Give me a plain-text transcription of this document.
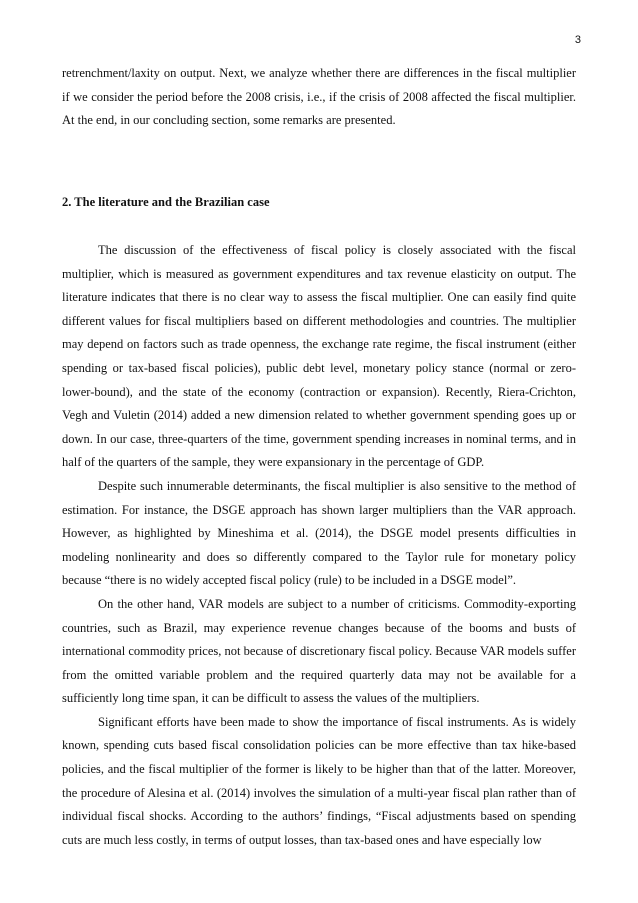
3

retrenchment/laxity on output. Next, we analyze whether there are differences in the fiscal multiplier if we consider the period before the 2008 crisis, i.e., if the crisis of 2008 affected the fiscal multiplier. At the end, in our concluding section, some remarks are presented.

2. The literature and the Brazilian case

The discussion of the effectiveness of fiscal policy is closely associated with the fiscal multiplier, which is measured as government expenditures and tax revenue elasticity on output. The literature indicates that there is no clear way to assess the fiscal multiplier. One can easily find quite different values for fiscal multipliers based on different methodologies and countries. The multiplier may depend on factors such as trade openness, the exchange rate regime, the fiscal instrument (either spending or tax-based fiscal policies), public debt level, monetary policy stance (normal or zero-lower-bound), and the state of the economy (contraction or expansion). Recently, Riera-Crichton, Vegh and Vuletin (2014) added a new dimension related to whether government spending goes up or down. In our case, three-quarters of the time, government spending increases in nominal terms, and in half of the quarters of the sample, they were expansionary in the percentage of GDP.

Despite such innumerable determinants, the fiscal multiplier is also sensitive to the method of estimation. For instance, the DSGE approach has shown larger multipliers than the VAR approach. However, as highlighted by Mineshima et al. (2014), the DSGE model presents difficulties in modeling nonlinearity and does so differently compared to the Taylor rule for monetary policy because “there is no widely accepted fiscal policy (rule) to be included in a DSGE model”.

On the other hand, VAR models are subject to a number of criticisms. Commodity-exporting countries, such as Brazil, may experience revenue changes because of the booms and busts of international commodity prices, not because of discretionary fiscal policy. Because VAR models suffer from the omitted variable problem and the required quarterly data may not be available for a sufficiently long time span, it can be difficult to assess the values of the multipliers.

Significant efforts have been made to show the importance of fiscal instruments. As is widely known, spending cuts based fiscal consolidation policies can be more effective than tax hike-based policies, and the fiscal multiplier of the former is likely to be higher than that of the latter. Moreover, the procedure of Alesina et al. (2014) involves the simulation of a multi-year fiscal plan rather than of individual fiscal shocks. According to the authors’ findings, “Fiscal adjustments based on spending cuts are much less costly, in terms of output losses, than tax-based ones and have especially low
